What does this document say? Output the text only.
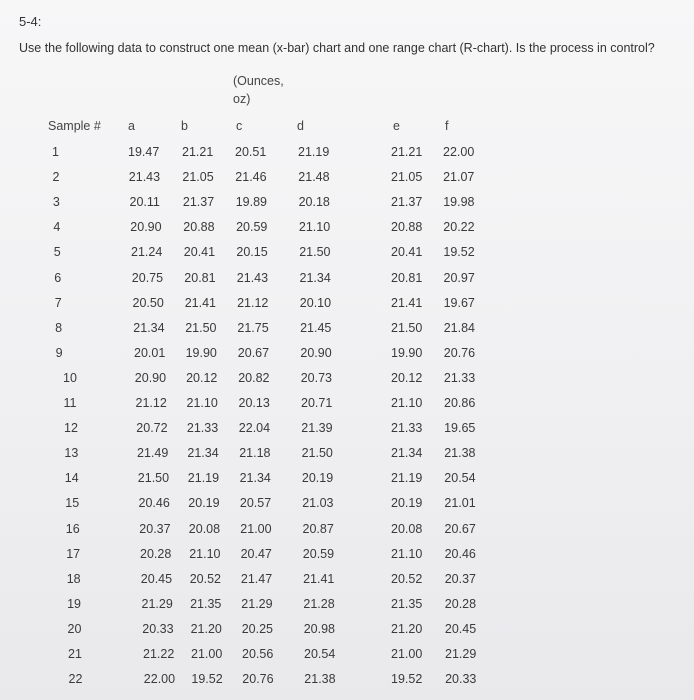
5-4:
Use the following data to construct one mean (x-bar) chart and one range chart (R-chart). Is the process in control?
(Ounces, oz)
Sample # a	b	c	d	e	f
1	19.47 21.21 20.51	21.19	21.21 22.00
2	21.43 21.05 21.46	21.48	21.05 21.07
3	20.11 21.37 19.89	20.18	21.37 19.98
4	20.90 20.88 20.59	21.10	20.88 20.22
5	21.24 20.41 20.15	21.50	20.41 19.52
6	20.75 20.81 21.43	21.34	20.81 20.97
7	20.50 21.41 21.12	20.10	21.41 19.67
8	21.34 21.50 21.75	21.45	21.50 21.84
9	20.01 19.90 20.67	20.90	19.90 20.76
10	20.90 20.12 20.82 20.73	20.12 21.33
11	21.12 21.10 20.13 20.71	21.10 20.86
12	20.72 21.33 22.04 21.39	21.33 19.65
13	21.49 21.34 21.18 21.50	21.34 21.38
14	21.50 21.19 21.34 20.19	21.19 20.54
15	20.46 20.19 20.57 21.03	20.19 21.01
16	20.37 20.08 21.00 20.87	20.08 20.67
17	20.28 21.10 20.47 20.59	21.10 20.46
18	20.45 20.52 21.47 21.41	20.52 20.37
19	21.29 21.35 21.29 21.28	21.35 20.28
20	20.33 21.20 20.25 20.98	21.20 20.45
21	21.22 21.00 20.56 20.54	21.00 21.29
22	22.00 19.52 20.76 21.38	19.52 20.33
